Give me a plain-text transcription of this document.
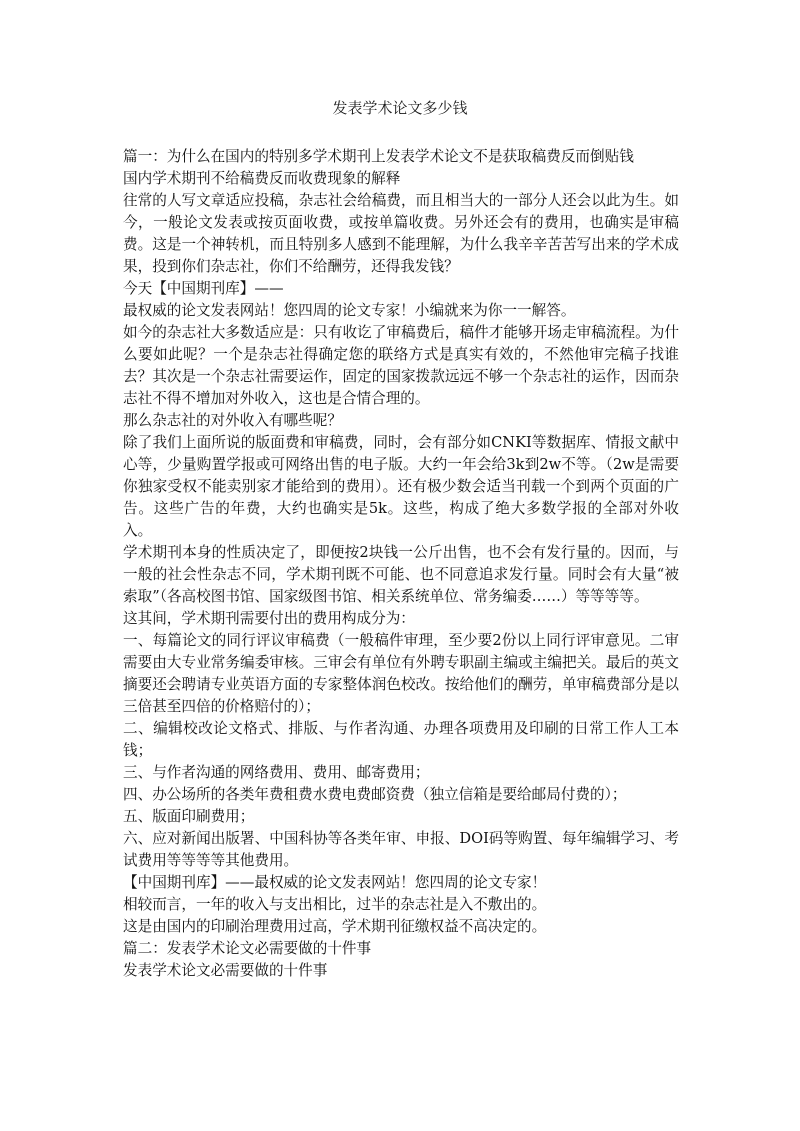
发表学术论文多少钱

篇一：为什么在国内的特别多学术期刊上发表学术论文不是获取稿费反而倒贴钱

国内学术期刊不给稿费反而收费现象的解释

往常的人写文章适应投稿，杂志社会给稿费，而且相当大的一部分人还会以此为生。如今，一般论文发表或按页面收费，或按单篇收费。另外还会有的费用，也确实是审稿费。这是一个神转机，而且特别多人感到不能理解，为什么我辛辛苦苦写出来的学术成果，投到你们杂志社，你们不给酬劳，还得我发钱？

今天【中国期刊库】——

最权威的论文发表网站！您四周的论文专家！小编就来为你一一解答。

如今的杂志社大多数适应是：只有收讫了审稿费后，稿件才能够开场走审稿流程。为什么要如此呢？一个是杂志社得确定您的联络方式是真实有效的，不然他审完稿子找谁去？其次是一个杂志社需要运作，固定的国家拨款远远不够一个杂志社的运作，因而杂志社不得不增加对外收入，这也是合情合理的。

那么杂志社的对外收入有哪些呢？

除了我们上面所说的版面费和审稿费，同时，会有部分如CNKI等数据库、情报文献中心等，少量购置学报或可网络出售的电子版。大约一年会给3k到2w不等。（2w是需要你独家受权不能卖别家才能给到的费用）。还有极少数会适当刊载一个到两个页面的广告。这些广告的年费，大约也确实是5k。这些，构成了绝大多数学报的全部对外收入。

学术期刊本身的性质决定了，即便按2块钱一公斤出售，也不会有发行量的。因而，与一般的社会性杂志不同，学术期刊既不可能、也不同意追求发行量。同时会有大量“被索取”（各高校图书馆、国家级图书馆、相关系统单位、常务编委……）等等等等。

这其间，学术期刊需要付出的费用构成分为：

一、每篇论文的同行评议审稿费（一般稿件审理，至少要2份以上同行评审意见。二审需要由大专业常务编委审核。三审会有单位有外聘专职副主编或主编把关。最后的英文摘要还会聘请专业英语方面的专家整体润色校改。按给他们的酬劳，单审稿费部分是以三倍甚至四倍的价格赔付的）；

二、编辑校改论文格式、排版、与作者沟通、办理各项费用及印刷的日常工作人工本钱；

三、与作者沟通的网络费用、费用、邮寄费用；

四、办公场所的各类年费租费水费电费邮资费（独立信箱是要给邮局付费的）；

五、版面印刷费用；

六、应对新闻出版署、中国科协等各类年审、申报、DOI码等购置、每年编辑学习、考试费用等等等等其他费用。

【中国期刊库】——最权威的论文发表网站！您四周的论文专家！

相较而言，一年的收入与支出相比，过半的杂志社是入不敷出的。

这是由国内的印刷治理费用过高，学术期刊征缴权益不高决定的。

篇二：发表学术论文必需要做的十件事

发表学术论文必需要做的十件事
